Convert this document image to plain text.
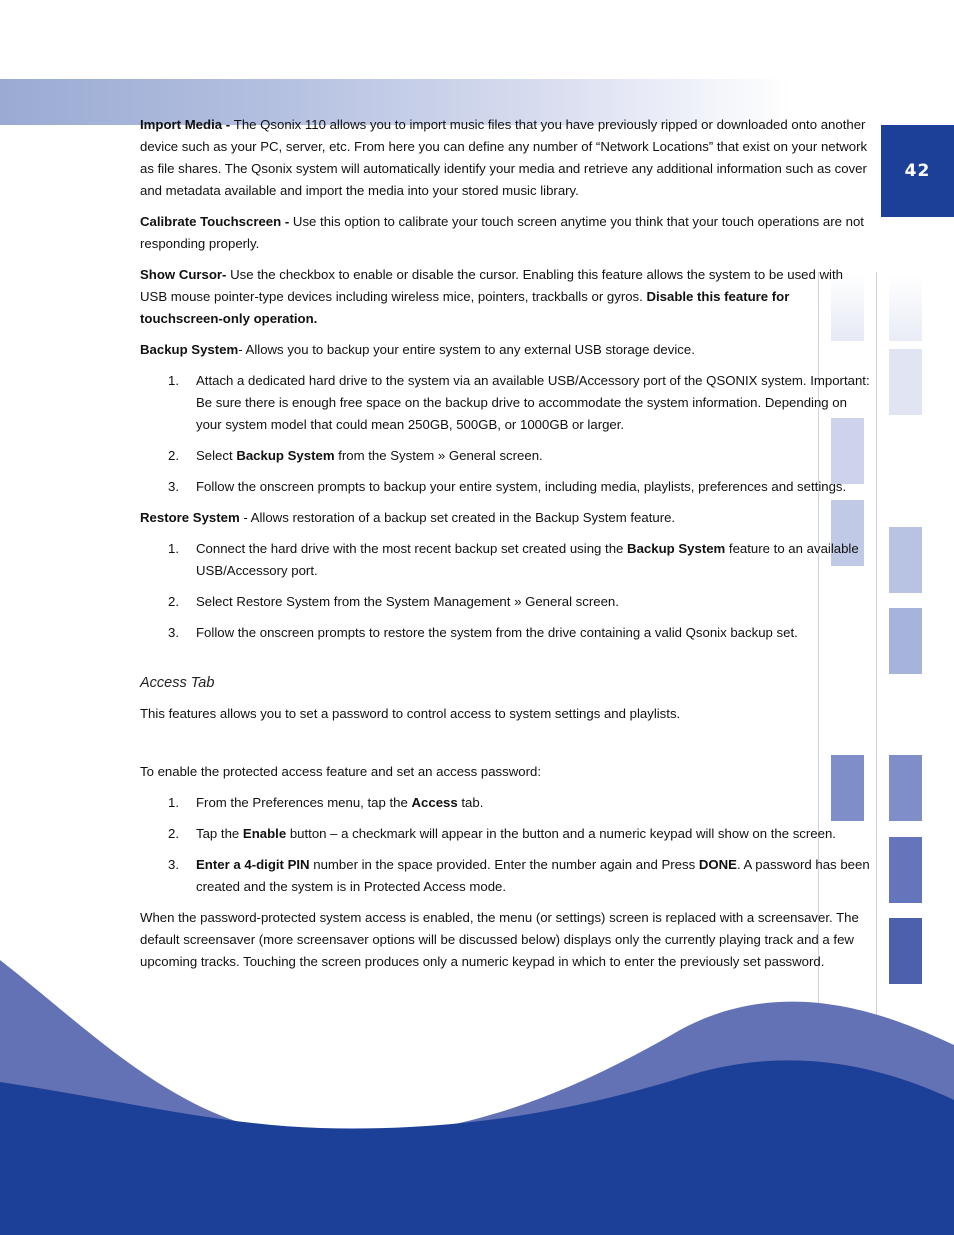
42

Import Media - The Qsonix 110 allows you to import music files that you have previously ripped or downloaded onto another device such as your PC, server, etc. From here you can define any number of “Network Locations” that exist on your network as file shares. The Qsonix system will automatically identify your media and retrieve any additional information such as cover and metadata available and import the media into your stored music library.

Calibrate Touchscreen - Use this option to calibrate your touch screen anytime you think that your touch operations are not responding properly.

Show Cursor- Use the checkbox to enable or disable the cursor. Enabling this feature allows the system to be used with USB mouse pointer-type devices including wireless mice, pointers, trackballs or gyros. Disable this feature for touchscreen-only operation.

Backup System- Allows you to backup your entire system to any external USB storage device.

1. Attach a dedicated hard drive to the system via an available USB/Accessory port of the QSONIX system. Important: Be sure there is enough free space on the backup drive to accommodate the system information. Depending on your system model that could mean 250GB, 500GB, or 1000GB or larger.
2. Select Backup System from the System » General screen.
3. Follow the onscreen prompts to backup your entire system, including media, playlists, preferences and settings.

Restore System - Allows restoration of a backup set created in the Backup System feature.

1. Connect the hard drive with the most recent backup set created using the Backup System feature to an available USB/Accessory port.
2. Select Restore System from the System Management » General screen.
3. Follow the onscreen prompts to restore the system from the drive containing a valid Qsonix backup set.
Access Tab

This features allows you to set a password to control access to system settings and playlists.

To enable the protected access feature and set an access password:

1. From the Preferences menu, tap the Access tab.
2. Tap the Enable button – a checkmark will appear in the button and a numeric keypad will show on the screen.
3. Enter a 4-digit PIN number in the space provided. Enter the number again and Press DONE. A password has been created and the system is in Protected Access mode.

When the password-protected system access is enabled, the menu (or settings) screen is replaced with a screensaver. The default screensaver (more screensaver options will be discussed below) displays only the currently playing track and a few upcoming tracks. Touching the screen produces only a numeric keypad in which to enter the previously set password.
